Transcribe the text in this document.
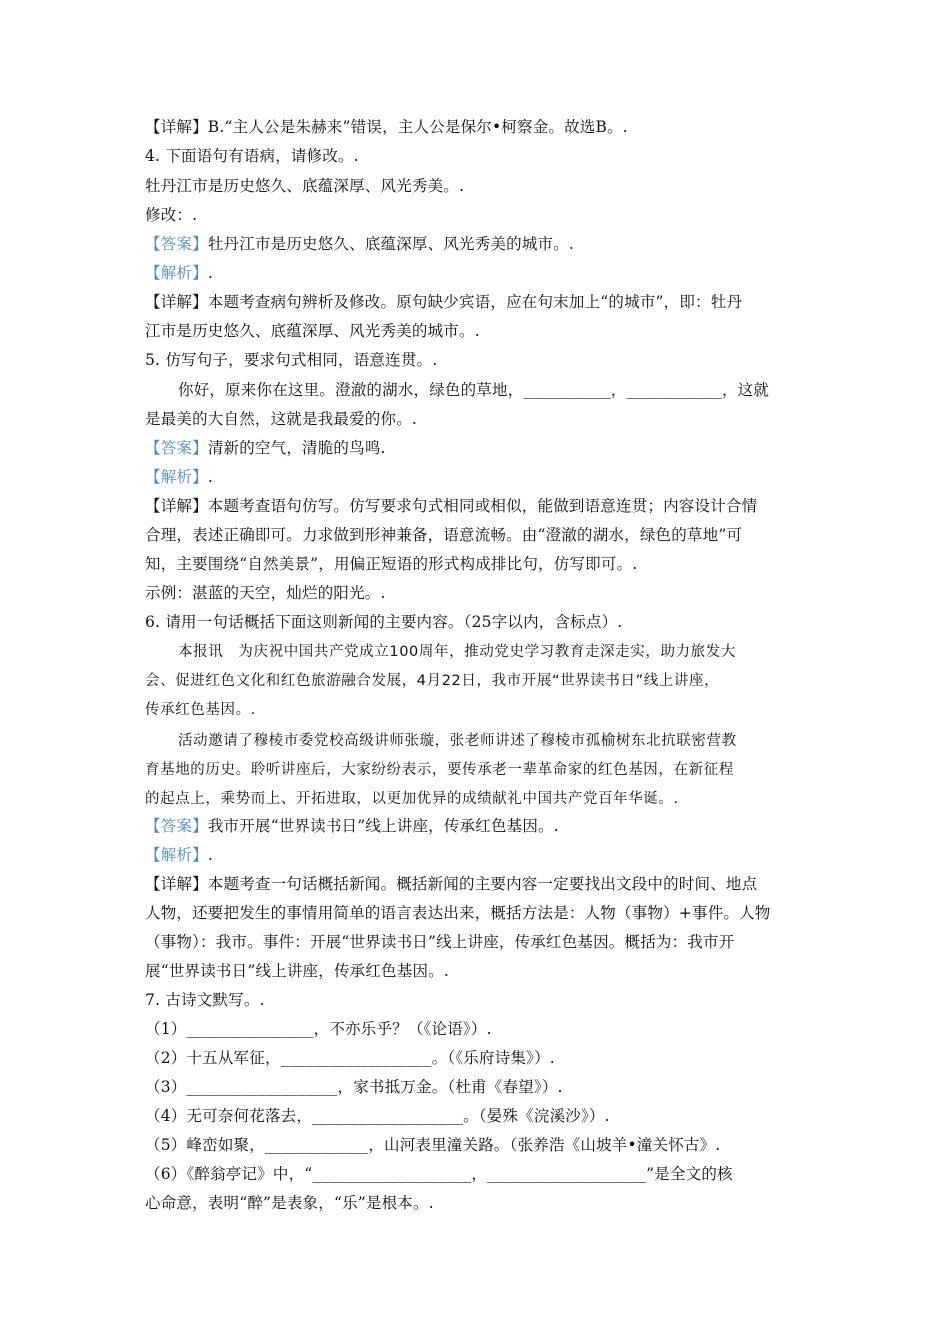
【详解】B.“主人公是朱赫来”错误，主人公是保尔•柯察金。故选B。.
4. 下面语句有语病，请修改。.
牡丹江市是历史悠久、底蕴深厚、风光秀美。.
修改：.
【答案】牡丹江市是历史悠久、底蕴深厚、风光秀美的城市。.
【解析】.
【详解】本题考查病句辨析及修改。原句缺少宾语，应在句末加上“的城市”，即：牡丹
江市是历史悠久、底蕴深厚、风光秀美的城市。.
5. 仿写句子，要求句式相同，语意连贯。.
你好，原来你在这里。澄澈的湖水，绿色的草地，___________，____________，这就
是最美的大自然，这就是我最爱的你。.
【答案】清新的空气，清脆的鸟鸣.
【解析】.
【详解】本题考查语句仿写。仿写要求句式相同或相似，能做到语意连贯；内容设计合情
合理，表述正确即可。力求做到形神兼备，语意流畅。由“澄澈的湖水，绿色的草地”可
知，主要围绕“自然美景”，用偏正短语的形式构成排比句，仿写即可。.
示例：湛蓝的天空，灿烂的阳光。.
6. 请用一句话概括下面这则新闻的主要内容。（25字以内，含标点）.
本报讯　为庆祝中国共产党成立100周年，推动党史学习教育走深走实，助力旅发大
会、促进红色文化和红色旅游融合发展，4月22日，我市开展“世界读书日”线上讲座，
传承红色基因。.
活动邀请了穆棱市委党校高级讲师张璇，张老师讲述了穆棱市孤榆树东北抗联密营教
育基地的历史。聆听讲座后，大家纷纷表示，要传承老一辈革命家的红色基因，在新征程
的起点上，乘势而上、开拓进取，以更加优异的成绩献礼中国共产党百年华诞。.
【答案】我市开展“世界读书日”线上讲座，传承红色基因。.
【解析】.
【详解】本题考查一句话概括新闻。概括新闻的主要内容一定要找出文段中的时间、地点
人物，还要把发生的事情用简单的语言表达出来，概括方法是：人物（事物）+事件。人物
（事物）：我市。事件：开展“世界读书日”线上讲座，传承红色基因。概括为：我市开
展“世界读书日”线上讲座，传承红色基因。.
7. 古诗文默写。.
（1）________________，不亦乐乎？（《论语》）.
（2）十五从军征，___________________。（《乐府诗集》）.
（3）___________________，家书抵万金。（杜甫《春望》）.
（4）无可奈何花落去，___________________。（晏殊《浣溪沙》）.
（5）峰峦如聚，_____________，山河表里潼关路。（张养浩《山坡羊•潼关怀古》.
（6）《醉翁亭记》中，“____________________，____________________”是全文的核
心命意，表明“醉”是表象，“乐”是根本。.
